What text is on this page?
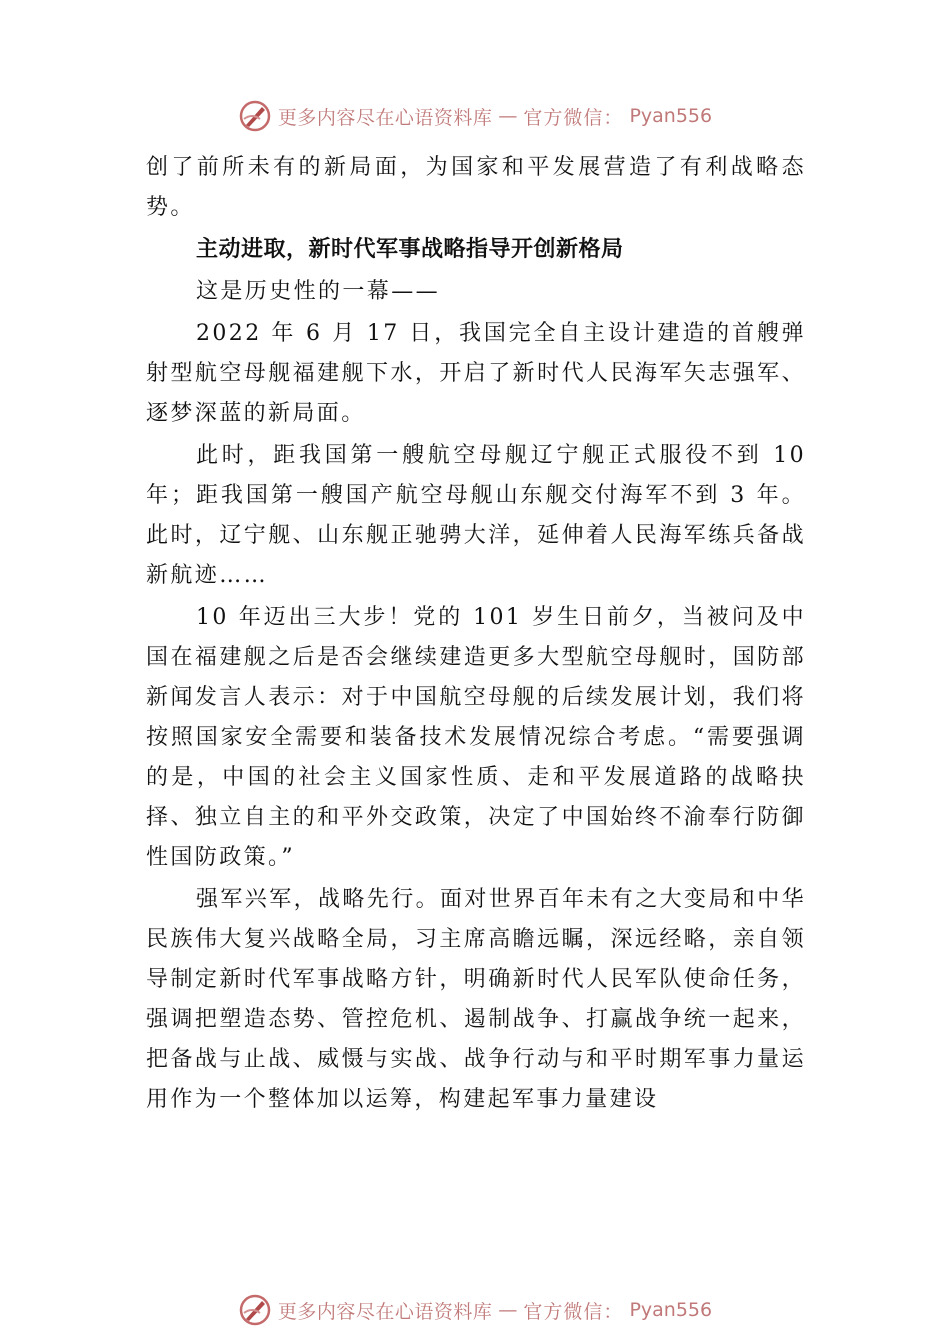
更多内容尽在心语资料库 — 官方微信： Pyan556

创了前所未有的新局面，为国家和平发展营造了有利战略态势。

主动进取，新时代军事战略指导开创新格局

这是历史性的一幕——

2022 年 6 月 17 日，我国完全自主设计建造的首艘弹射型航空母舰福建舰下水，开启了新时代人民海军矢志强军、 逐梦深蓝的新局面。

此时，距我国第一艘航空母舰辽宁舰正式服役不到 10 年；距我国第一艘国产航空母舰山东舰交付海军不到 3 年。此时，辽宁舰、山东舰正驰骋大洋，延伸着人民海军练兵备战新航迹……

10 年迈出三大步！党的 101 岁生日前夕，当被问及中国在福建舰之后是否会继续建造更多大型航空母舰时，国防部新闻发言人表示：对于中国航空母舰的后续发展计划，我们将按照国家安全需要和装备技术发展情况综合考虑。“需要强调的是，中国的社会主义国家性质、走和平发展道路的战略抉择、独立自主的和平外交政策，决定了中国始终不渝奉行防御性国防政策。”

强军兴军，战略先行。面对世界百年未有之大变局和中华民族伟大复兴战略全局，习主席高瞻远瞩，深远经略，亲自领导制定新时代军事战略方针，明确新时代人民军队使命任务，强调把塑造态势、管控危机、遏制战争、打赢战争统一起来，把备战与止战、威慑与实战、战争行动与和平时期军事力量运用作为一个整体加以运筹，构建起军事力量建设

更多内容尽在心语资料库 — 官方微信： Pyan556
